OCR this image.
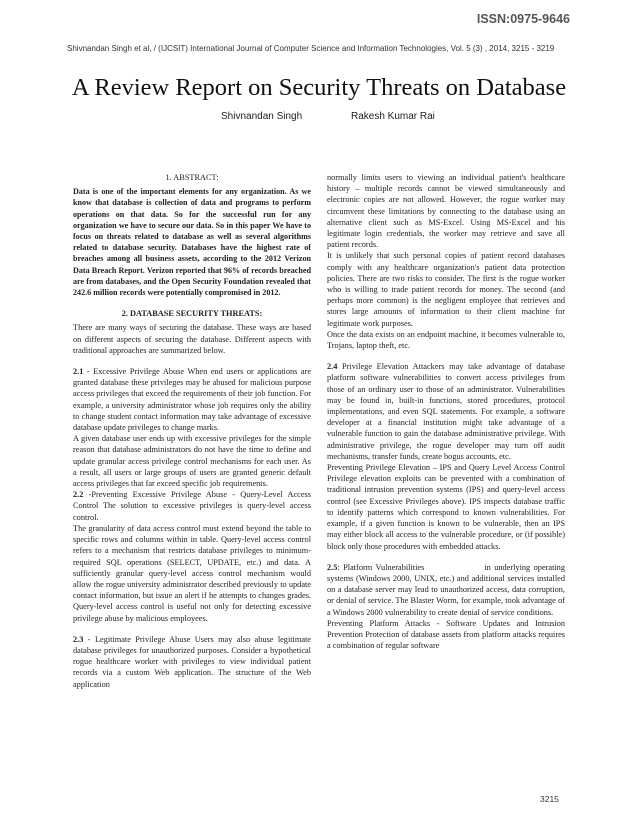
ISSN:0975-9646
Shivnandan Singh et al, / (IJCSIT) International Journal of Computer Science and Information Technologies, Vol. 5 (3) , 2014, 3215 - 3219
A Review Report on Security Threats on Database
Shivnandan Singh	Rakesh Kumar Rai
1. ABSTRACT:

Data is one of the important elements for any organization. As we know that database is collection of data and programs to perform operations on that data. So for the successful run for any organization we have to secure our data. So in this paper We have to focus on threats related to database as well as several algorithms related to database security. Databases have the highest rate of breaches among all business assets, according to the 2012 Verizon Data Breach Report. Verizon reported that 96% of records breached are from databases, and the Open Security Foundation revealed that 242.6 million records were potentially compromised in 2012.

2. DATABASE SECURITY THREATS:

There are many ways of securing the database. These ways are based on different aspects of securing the database. Different aspects with traditional approaches are summarized below.

2.1 - Excessive Privilege Abuse When end users or applications are granted database these privileges may be abused for malicious purpose access privileges that exceed the requirements of their job function. For example, a university administrator whose job requires only the ability to change student contact information may take advantage of excessive database update privileges to change marks.

A given database user ends up with excessive privileges for the simple reason that database administrators do not have the time to define and update granular access privilege control mechanisms for each user. As a result, all users or large groups of users are granted generic default access privileges that far exceed specific job requirements.

2.2 -Preventing Excessive Privilege Abuse - Query-Level Access Control The solution to excessive privileges is query-level access control.

The granularity of data access control must extend beyond the table to specific rows and columns within in table. Query-level access control refers to a mechanism that restricts database privileges to minimum-required SQL operations (SELECT, UPDATE, etc.) and data. A sufficiently granular query-level access control mechanism would allow the rogue university administrator described previously to update contact information, but issue an alert if he attempts to changes grades. Query-level access control is useful not only for detecting excessive privilege abuse by malicious employees.

2.3 - Legitimate Privilege Abuse Users may also abuse legitimate database privileges for unauthorized purposes. Consider a hypothetical rogue healthcare worker with privileges to view individual patient records via a custom Web application. The structure of the Web application

normally limits users to viewing an individual patient's healthcare history – multiple records cannot be viewed simultaneously and electronic copies are not allowed. However, the rogue worker may circumvent these limitations by connecting to the database using an alternative client such as MS-Excel. Using MS-Excel and his legitimate login credentials, the worker may retrieve and save all patient records.

It is unlikely that such personal copies of patient record databases comply with any healthcare organization's patient data protection policies. There are two risks to consider. The first is the rogue worker who is willing to trade patient records for money. The second (and perhaps more common) is the negligent employee that retrieves and stores large amounts of information to their client machine for legitimate work purposes.

Once the data exists on an endpoint machine, it becomes vulnerable to, Trojans, laptop theft, etc.

2.4 Privilege Elevation Attackers may take advantage of database platform software vulnerabilities to convert access privileges from those of an ordinary user to those of an administrator. Vulnerabilities may be found in, built-in functions, stored procedures, protocol implementations, and even SQL statements. For example, a software developer at a financial institution might take advantage of a vulnerable function to gain the database administrative privilege. With administrative privilege, the rogue developer may turn off audit mechanisms, transfer funds, create bogus accounts, etc.

Preventing Privilege Elevation – IPS and Query Level Access Control Privilege elevation exploits can be prevented with a combination of traditional intrusion prevention systems (IPS) and query-level access control (see Excessive Privileges above). IPS inspects database traffic to identify patterns which correspond to known vulnerabilities. For example, if a given function is known to be vulnerable, then an IPS may either block all access to the vulnerable procedure, or (if possible) block only those procedures with embedded attacks.

2.5: Platform Vulnerabilities	in underlying operating systems (Windows 2000, UNIX, etc.) and additional services installed on a database server may lead to unauthorized access, data corruption, or denial of service. The Blaster Worm, for example, took advantage of a Windows 2000 vulnerability to create denial of service conditions.

Preventing Platform Attacks - Software Updates and Intrusion Prevention Protection of database assets from platform attacks requires a combination of regular software

3215
